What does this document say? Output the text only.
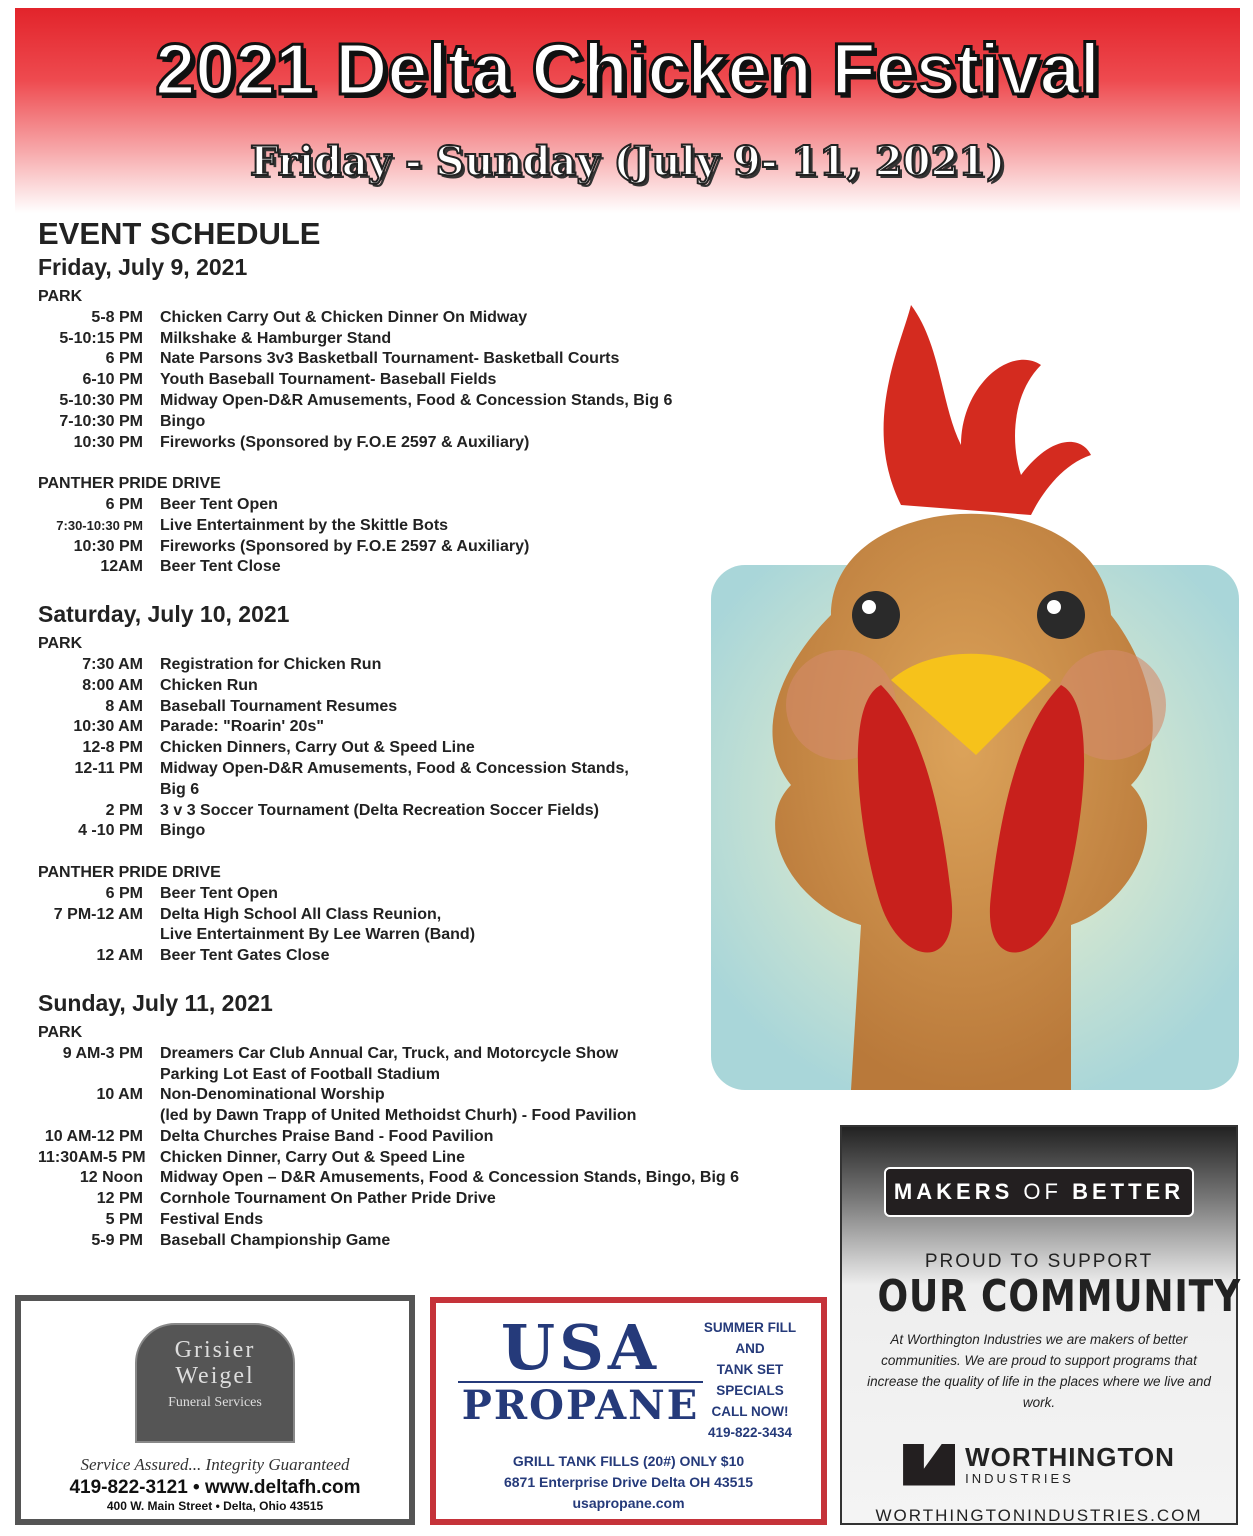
2021 Delta Chicken Festival
Friday - Sunday (July 9- 11, 2021)
EVENT SCHEDULE
Friday, July 9, 2021
PARK
5-8 PM Chicken Carry Out & Chicken Dinner On Midway
5-10:15 PM Milkshake & Hamburger Stand
6 PM Nate Parsons 3v3 Basketball Tournament- Basketball Courts
6-10 PM Youth Baseball Tournament- Baseball Fields
5-10:30 PM Midway Open-D&R Amusements, Food & Concession Stands, Big 6
7-10:30 PM Bingo
10:30 PM Fireworks (Sponsored by F.O.E 2597 & Auxiliary)
PANTHER PRIDE DRIVE
6 PM Beer Tent Open
7:30-10:30 PM Live Entertainment by the Skittle Bots
10:30 PM Fireworks (Sponsored by F.O.E 2597 & Auxiliary)
12AM Beer Tent Close
Saturday, July 10, 2021
PARK
7:30 AM Registration for Chicken Run
8:00 AM Chicken Run
8 AM Baseball Tournament Resumes
10:30 AM Parade: "Roarin' 20s"
12-8 PM Chicken Dinners, Carry Out & Speed Line
12-11 PM Midway Open-D&R Amusements, Food & Concession Stands,
Big 6
2 PM 3 v 3 Soccer Tournament (Delta Recreation Soccer Fields)
4 -10 PM Bingo
PANTHER PRIDE DRIVE
6 PM Beer Tent Open
7 PM-12 AM Delta High School All Class Reunion,
Live Entertainment By Lee Warren (Band)
12 AM Beer Tent Gates Close
Sunday, July 11, 2021
PARK
9 AM-3 PM Dreamers Car Club Annual Car, Truck, and Motorcycle Show
Parking Lot East of Football Stadium
10 AM Non-Denominational Worship
(led by Dawn Trapp of United Methoidst Churh) - Food Pavilion
10 AM-12 PM Delta Churches Praise Band - Food Pavilion
11:30AM-5 PM Chicken Dinner, Carry Out & Speed Line
12 Noon Midway Open – D&R Amusements, Food & Concession Stands, Bingo, Big 6
12 PM Cornhole Tournament On Pather Pride Drive
5 PM Festival Ends
5-9 PM Baseball Championship Game
Grisier
Weigel
Funeral Services
Service Assured... Integrity Guaranteed
419-822-3121 • www.deltafh.com
400 W. Main Street • Delta, Ohio 43515
USA
PROPANE
SUMMER FILL
AND
TANK SET
SPECIALS
CALL NOW!
419-822-3434
GRILL TANK FILLS (20#) ONLY $10
6871 Enterprise Drive Delta OH 43515
usapropane.com
MAKERS OF BETTER
PROUD TO SUPPORT
OUR COMMUNITY
At Worthington Industries we are makers of better communities. We are proud to support programs that increase the quality of life in the places where we live and work.
WORTHINGTON
INDUSTRIES
WORTHINGTONINDUSTRIES.COM
